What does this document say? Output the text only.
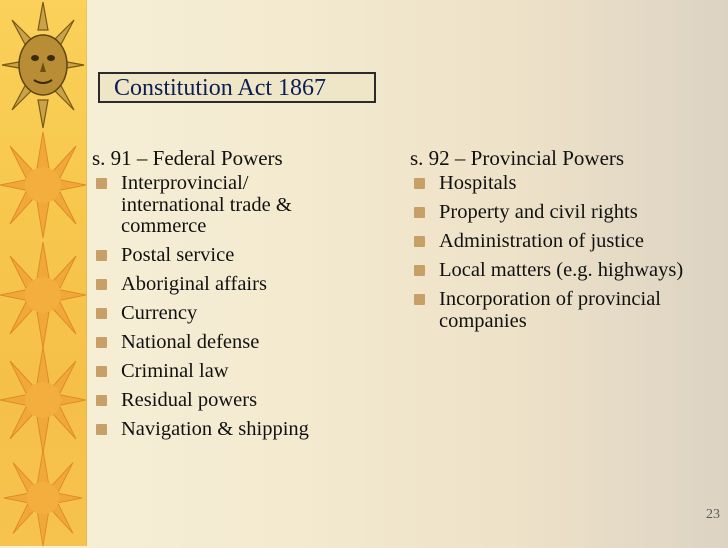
Constitution Act 1867
s. 91 – Federal Powers
Interprovincial/ international trade & commerce
Postal service
Aboriginal affairs
Currency
National defense
Criminal law
Residual powers
Navigation & shipping
s. 92 – Provincial Powers
Hospitals
Property and civil rights
Administration of justice
Local matters (e.g. highways)
Incorporation of provincial companies
23
